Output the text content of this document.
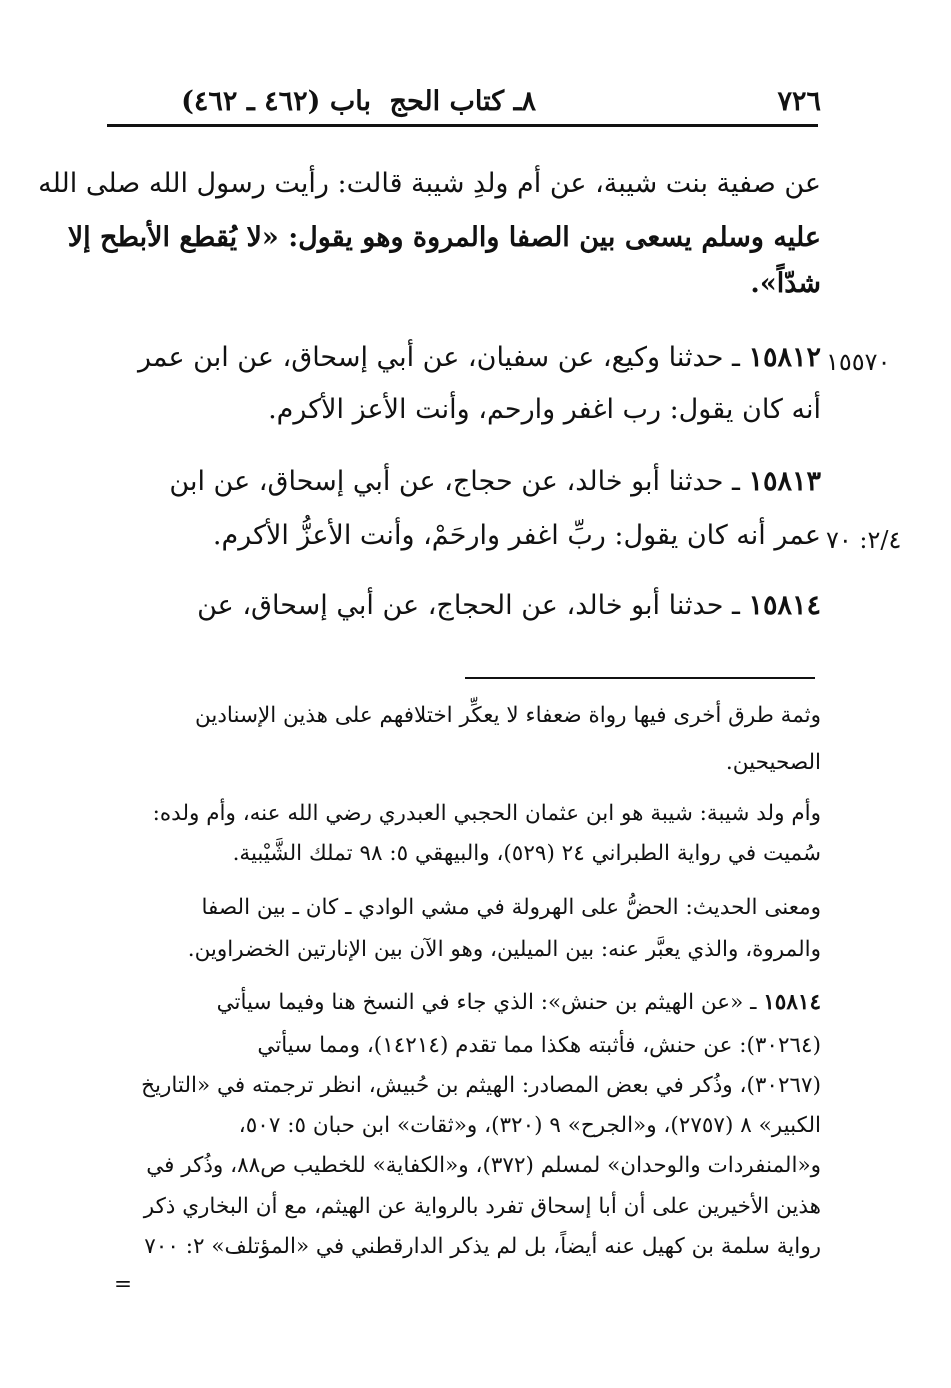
٧٢٦
٨ـ كتاب الحج
باب (٤٦٢ ـ ٤٦٢)
عن صفية بنت شيبة، عن أم ولدِ شيبة قالت: رأيت رسول الله صلى الله
عليه وسلم يسعى بين الصفا والمروة وهو يقول: «لا يُقطع الأبطح إلا
شدّاً».
١٥٥٧٠
١٥٨١٢ ـ حدثنا وكيع، عن سفيان، عن أبي إسحاق، عن ابن عمر
أنه كان يقول: رب اغفر وارحم، وأنت الأعز الأكرم.
١٥٨١٣ ـ حدثنا أبو خالد، عن حجاج، عن أبي إسحاق، عن ابن
٢/٤: ٧٠
عمر أنه كان يقول: ربِّ اغفر وارحَمْ، وأنت الأعزُّ الأكرم.
١٥٨١٤ ـ حدثنا أبو خالد، عن الحجاج، عن أبي إسحاق، عن
وثمة طرق أخرى فيها رواة ضعفاء لا يعكِّر اختلافهم على هذين الإسنادين
الصحيحين.
وأم ولد شيبة: شيبة هو ابن عثمان الحجبي العبدري رضي الله عنه، وأم ولده:
سُميت في رواية الطبراني ٢٤ (٥٢٩)، والبيهقي ٥: ٩٨ تملك الشَّيْبية.
ومعنى الحديث: الحضُّ على الهرولة في مشي الوادي ـ كان ـ بين الصفا
والمروة، والذي يعبَّر عنه: بين الميلين، وهو الآن بين الإنارتين الخضراوين.
١٥٨١٤ ـ «عن الهيثم بن حنش»: الذي جاء في النسخ هنا وفيما سيأتي
(٣٠٢٦٤): عن حنش، فأثبته هكذا مما تقدم (١٤٢١٤)، ومما سيأتي
(٣٠٢٦٧)، وذُكر في بعض المصادر: الهيثم بن حُبيش، انظر ترجمته في «التاريخ
الكبير» ٨ (٢٧٥٧)، و«الجرح» ٩ (٣٢٠)، و«ثقات» ابن حبان ٥: ٥٠٧،
و«المنفردات والوحدان» لمسلم (٣٧٢)، و«الكفاية» للخطيب ص٨٨، وذُكر في
هذين الأخيرين على أن أبا إسحاق تفرد بالرواية عن الهيثم، مع أن البخاري ذكر
رواية سلمة بن كهيل عنه أيضاً، بل لم يذكر الدارقطني في «المؤتلف» ٢: ٧٠٠
=
